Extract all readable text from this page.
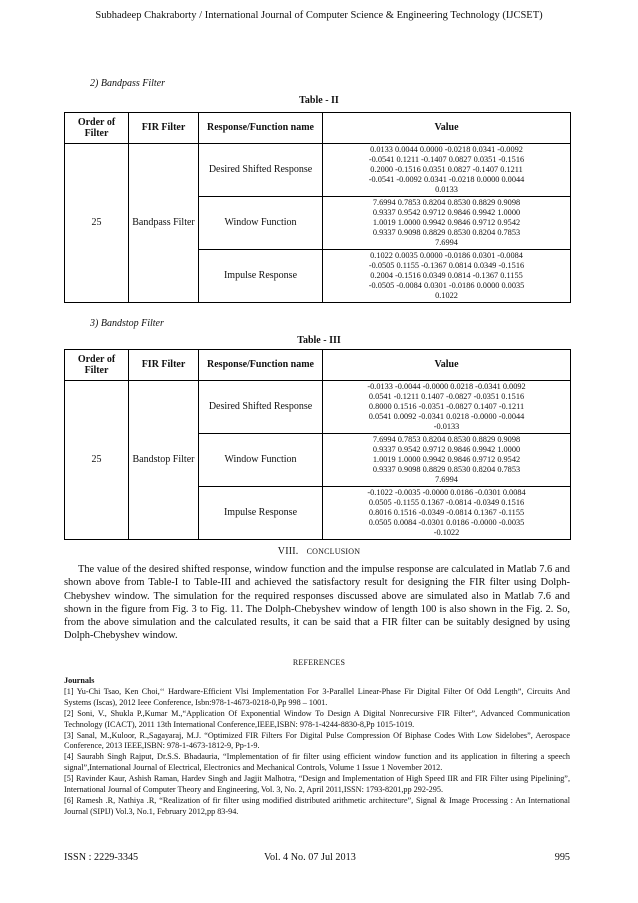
Subhadeep Chakraborty / International Journal of Computer Science & Engineering Technology (IJCSET)
2) Bandpass Filter
Table - II
Order of Filter	FIR Filter	Response/Function name	Value
25	Bandpass Filter	Desired Shifted Response	0.0133 0.0044 0.0000 -0.0218 0.0341 -0.0092
-0.0541 0.1211 -0.1407 0.0827 0.0351 -0.1516
0.2000 -0.1516 0.0351 0.0827 -0.1407 0.1211
-0.0541 -0.0092 0.0341 -0.0218 0.0000 0.0044
0.0133

		Window Function	7.6994 0.7853 0.8204 0.8530 0.8829 0.9098
0.9337 0.9542 0.9712 0.9846 0.9942 1.0000
1.0019 1.0000 0.9942 0.9846 0.9712 0.9542
0.9337 0.9098 0.8829 0.8530 0.8204 0.7853
7.6994

		Impulse Response	0.1022 0.0035 0.0000 -0.0186 0.0301 -0.0084
-0.0505 0.1155 -0.1367 0.0814 0.0349 -0.1516
0.2004 -0.1516 0.0349 0.0814 -0.1367 0.1155
-0.0505 -0.0084 0.0301 -0.0186 0.0000 0.0035
0.1022
3) Bandstop Filter
Table - III
Order of Filter	FIR Filter	Response/Function name	Value
25	Bandstop Filter	Desired Shifted Response	-0.0133 -0.0044 -0.0000 0.0218 -0.0341 0.0092
0.0541 -0.1211 0.1407 -0.0827 -0.0351 0.1516
0.8000 0.1516 -0.0351 -0.0827 0.1407 -0.1211
0.0541 0.0092 -0.0341 0.0218 -0.0000 -0.0044
-0.0133

		Window Function	7.6994 0.7853 0.8204 0.8530 0.8829 0.9098
0.9337 0.9542 0.9712 0.9846 0.9942 1.0000
1.0019 1.0000 0.9942 0.9846 0.9712 0.9542
0.9337 0.9098 0.8829 0.8530 0.8204 0.7853
7.6994

		Impulse Response	-0.1022 -0.0035 -0.0000 0.0186 -0.0301 0.0084
0.0505 -0.1155 0.1367 -0.0814 -0.0349 0.1516
0.8016 0.1516 -0.0349 -0.0814 0.1367 -0.1155
0.0505 0.0084 -0.0301 0.0186 -0.0000 -0.0035
-0.1022
VIII. CONCLUSION

The value of the desired shifted response, window function and the impulse response are calculated in Matlab 7.6 and shown above from Table-I to Table-III and achieved the satisfactory result for designing the FIR filter using Dolph-Chebyshev window. The simulation for the required responses discussed above are simulated also in Matlab 7.6 and shown in the figure from Fig. 3 to Fig. 11. The Dolph-Chebyshev window of length 100 is also shown in the Fig. 2. So, from the above simulation and the calculated results, it can be said that a FIR filter can be suitably designed by using Dolph-Chebyshev window.

REFERENCES
Journals

[1] Yu-Chi Tsao, Ken Choi,‘‘ Hardware-Efficient Vlsi Implementation For 3-Parallel Linear-Phase Fir Digital Filter Of Odd Length”, Circuits And Systems (Iscas), 2012 Ieee Conference, Isbn:978-1-4673-0218-0,Pp 998 – 1001.

[2] Soni, V., Shukla P.,Kumar M.,“Application Of Exponential Window To Design A Digital Nonrecursive FIR Filter”, Advanced Communication Technology (ICACT), 2011 13th International Conference,IEEE,ISBN: 978-1-4244-8830-8,Pp 1015-1019.

[3] Sanal, M.,Kuloor, R.,Sagayaraj, M.J. “Optimized FIR Filters For Digital Pulse Compression Of Biphase Codes With Low Sidelobes”, Aerospace Conference, 2013 IEEE,ISBN: 978-1-4673-1812-9, Pp-1-9.

[4] Saurabh Singh Rajput, Dr.S.S. Bhadauria, “Implementation of fir filter using efficient window function and its application in filtering a speech signal”,International Journal of Electrical, Electronics and Mechanical Controls, Volume 1 Issue 1 November 2012.

[5] Ravinder Kaur, Ashish Raman, Hardev Singh and Jagjit Malhotra, “Design and Implementation of High Speed IIR and FIR Filter using Pipelining”, International Journal of Computer Theory and Engineering, Vol. 3, No. 2, April 2011,ISSN: 1793-8201,pp 292-295.

[6] Ramesh .R, Nathiya .R, “Realization of fir filter using modified distributed arithmetic architecture”, Signal & Image Processing : An International Journal (SIPIJ) Vol.3, No.1, February 2012,pp 83-94.

ISSN : 2229-3345	Vol. 4 No. 07 Jul 2013	995
